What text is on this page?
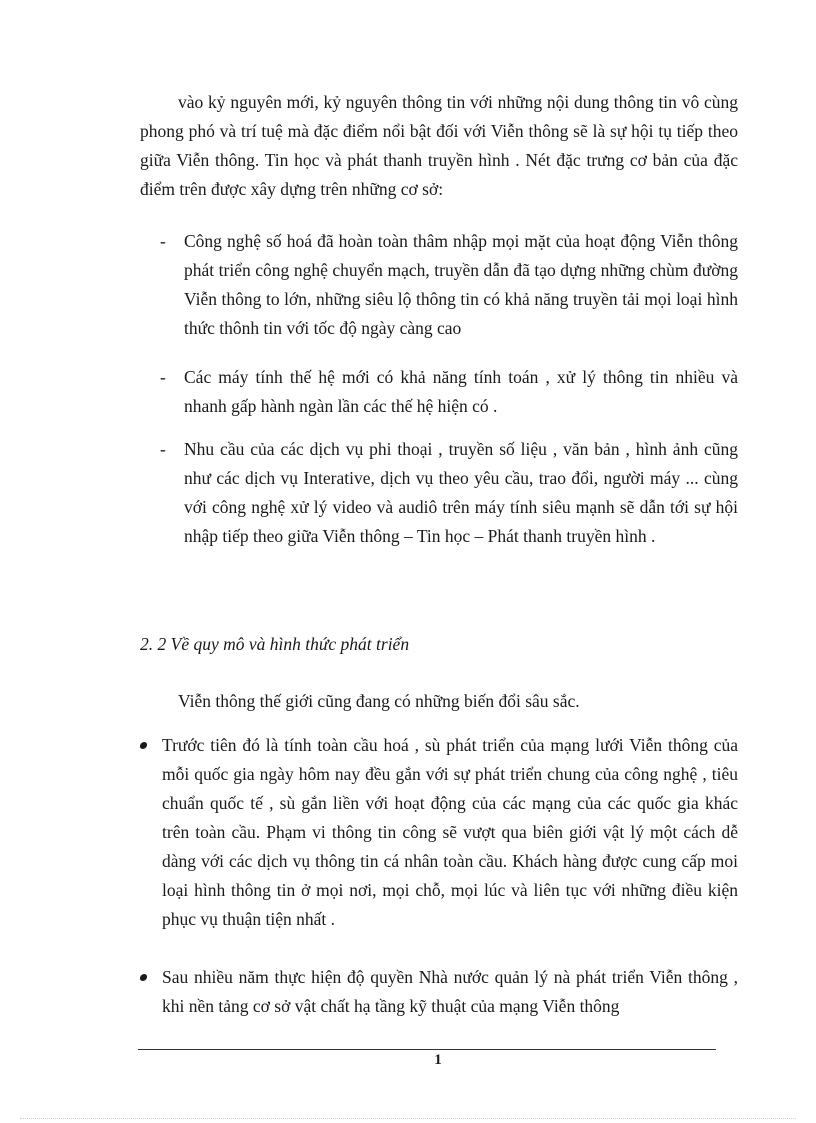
vào kỷ nguyên mới, kỷ nguyên thông tin với những nội dung thông tin vô cùng phong phó và trí tuệ mà đặc điểm nổi bật đối với Viễn thông sẽ là sự hội tụ tiếp theo giữa Viễn thông. Tin học và phát thanh truyền hình . Nét đặc trưng cơ bản của đặc điểm trên được xây dựng trên những cơ sở:

- Công nghệ số hoá đã hoàn toàn thâm nhập mọi mặt của hoạt động Viễn thông phát triển công nghệ chuyển mạch, truyền dẫn đã tạo dựng những chùm đường Viễn thông to lớn, những siêu lộ thông tin có khả năng truyền tải mọi loại hình thức thônh tin với tốc độ ngày càng cao

- Các máy tính thế hệ mới có khả năng tính toán , xử lý thông tin nhiều và nhanh gấp hành ngàn lần các thế hệ hiện có .

- Nhu cầu của các dịch vụ phi thoại , truyền số liệu , văn bản , hình ảnh cũng như các dịch vụ Interative, dịch vụ theo yêu cầu, trao đổi, người máy ... cùng với công nghệ xử lý video và audiô trên máy tính siêu mạnh sẽ dẫn tới sự hội nhập tiếp theo giữa Viễn thông – Tin học – Phát thanh truyền hình .

2. 2 Về quy mô và hình thức phát triển

Viễn thông thế giới cũng đang có những biến đổi sâu sắc.

Trước tiên đó là tính toàn cầu hoá , sù phát triển của mạng lưới Viễn thông của mỗi quốc gia ngày hôm nay đều gắn với sự phát triển chung của công nghệ , tiêu chuẩn quốc tế , sù gắn liền với hoạt động của các mạng của các quốc gia khác trên toàn cầu. Phạm vi thông tin công sẽ vượt qua biên giới vật lý một cách dễ dàng với các dịch vụ thông tin cá nhân toàn cầu. Khách hàng được cung cấp moi loại hình thông tin ở mọi nơi, mọi chỗ, mọi lúc và liên tục với những điều kiện phục vụ thuận tiện nhất .

Sau nhiều năm thực hiện độ quyền Nhà nước quản lý nà phát triển Viễn thông , khi nền tảng cơ sở vật chất hạ tầng kỹ thuật của mạng Viễn thông

1
